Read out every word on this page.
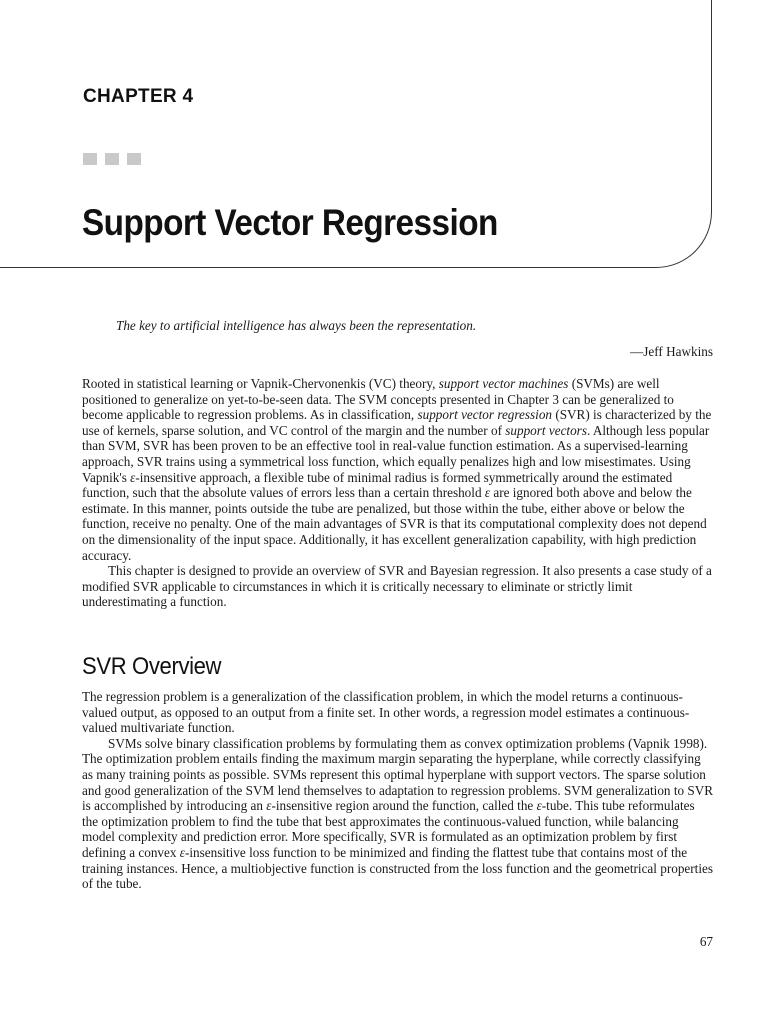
CHAPTER 4
Support Vector Regression
The key to artificial intelligence has always been the representation.
—Jeff Hawkins

Rooted in statistical learning or Vapnik-Chervonenkis (VC) theory, support vector machines (SVMs) are well positioned to generalize on yet-to-be-seen data. The SVM concepts presented in Chapter 3 can be generalized to become applicable to regression problems. As in classification, support vector regression (SVR) is characterized by the use of kernels, sparse solution, and VC control of the margin and the number of support vectors. Although less popular than SVM, SVR has been proven to be an effective tool in real-value function estimation. As a supervised-learning approach, SVR trains using a symmetrical loss function, which equally penalizes high and low misestimates. Using Vapnik's ε-insensitive approach, a flexible tube of minimal radius is formed symmetrically around the estimated function, such that the absolute values of errors less than a certain threshold ε are ignored both above and below the estimate. In this manner, points outside the tube are penalized, but those within the tube, either above or below the function, receive no penalty. One of the main advantages of SVR is that its computational complexity does not depend on the dimensionality of the input space. Additionally, it has excellent generalization capability, with high prediction accuracy.

This chapter is designed to provide an overview of SVR and Bayesian regression. It also presents a case study of a modified SVR applicable to circumstances in which it is critically necessary to eliminate or strictly limit underestimating a function.

SVR Overview

The regression problem is a generalization of the classification problem, in which the model returns a continuous-valued output, as opposed to an output from a finite set. In other words, a regression model estimates a continuous-valued multivariate function.

SVMs solve binary classification problems by formulating them as convex optimization problems (Vapnik 1998). The optimization problem entails finding the maximum margin separating the hyperplane, while correctly classifying as many training points as possible. SVMs represent this optimal hyperplane with support vectors. The sparse solution and good generalization of the SVM lend themselves to adaptation to regression problems. SVM generalization to SVR is accomplished by introducing an ε-insensitive region around the function, called the ε-tube. This tube reformulates the optimization problem to find the tube that best approximates the continuous-valued function, while balancing model complexity and prediction error. More specifically, SVR is formulated as an optimization problem by first defining a convex ε-insensitive loss function to be minimized and finding the flattest tube that contains most of the training instances. Hence, a multiobjective function is constructed from the loss function and the geometrical properties of the tube.

67
